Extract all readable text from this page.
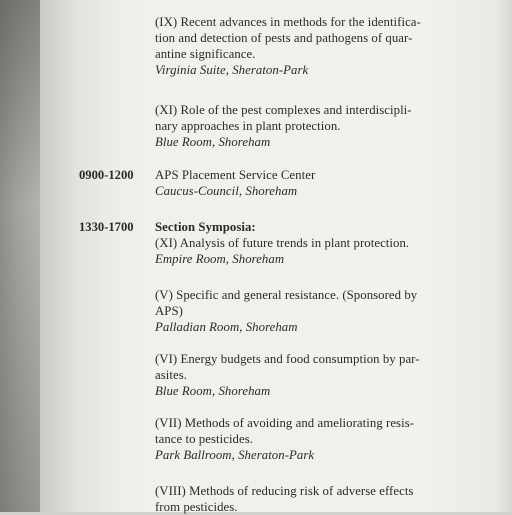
(IX) Recent advances in methods for the identifica-
tion and detection of pests and pathogens of quar-
antine significance.
Virginia Suite, Sheraton-Park
(XI) Role of the pest complexes and interdiscipli-
nary approaches in plant protection.
Blue Room, Shoreham
0900-1200 APS Placement Service Center
Caucus-Council, Shoreham
1330-1700 Section Symposia:
(XI) Analysis of future trends in plant protection.
Empire Room, Shoreham
(V) Specific and general resistance. (Sponsored by
APS)
Palladian Room, Shoreham
(VI) Energy budgets and food consumption by par-
asites.
Blue Room, Shoreham
(VII) Methods of avoiding and ameliorating resis-
tance to pesticides.
Park Ballroom, Sheraton-Park
(VIII) Methods of reducing risk of adverse effects
from pesticides.
